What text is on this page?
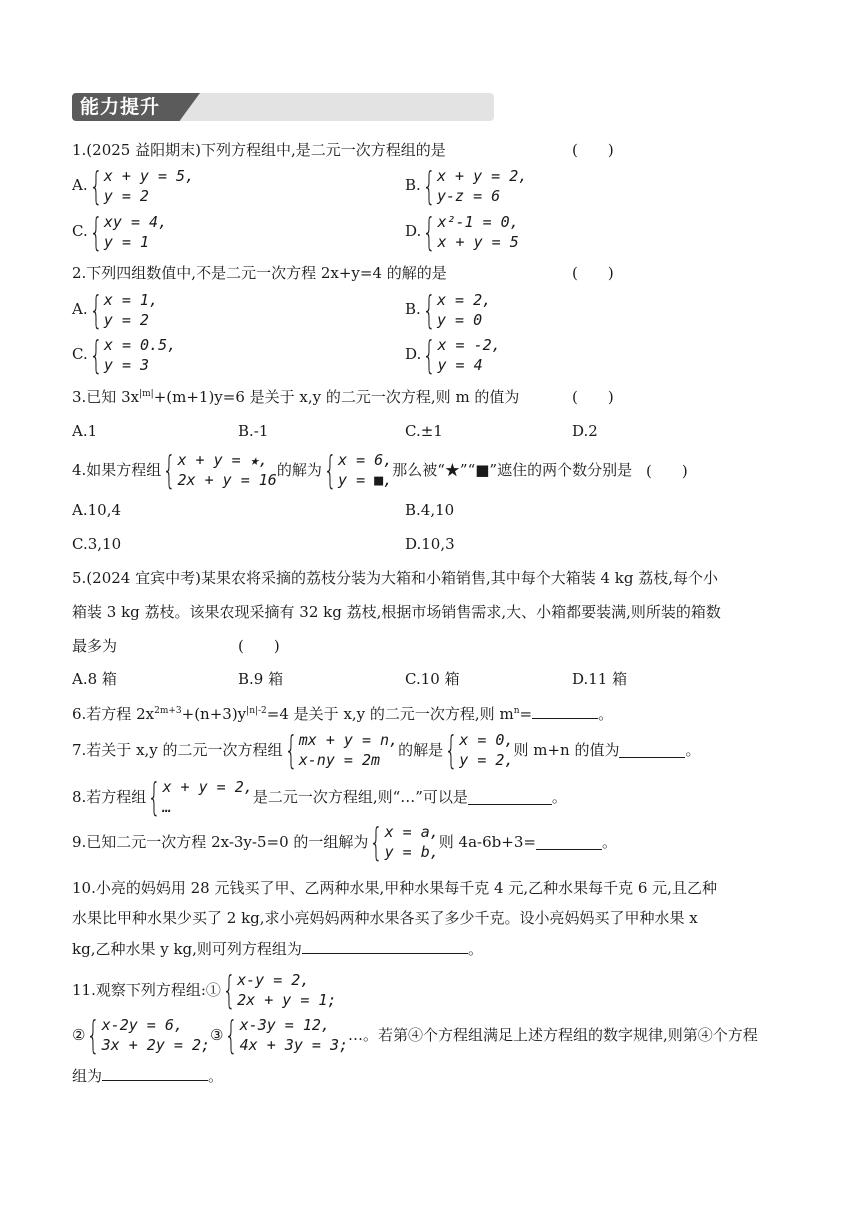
能力提升
1.(2025 益阳期末)下列方程组中,是二元一次方程组的是	(　　)
A. { x + y = 5,
y = 2
B. { x + y = 2,
y-z = 6
C. { xy = 4,
y = 1
D. { x²-1 = 0,
x + y = 5
2.下列四组数值中,不是二元一次方程 2x+y=4 的解的是	(　　)
A. { x = 1,
y = 2
B. { x = 2,
y = 0
C. { x = 0.5,
y = 3
D. { x = -2,
y = 4
3.已知 $3x^{|m|}+(m+1)y=6$ 是关于 x,y 的二元一次方程,则 m 的值为	(　　)
A.1	B.-1	C.±1	D.2
4.如果方程组 { x + y = ★,
2x + y = 16
的解为 { x = 6,
y = ■,
那么被“★”“■”遮住的两个数分别是 (　　)
A.10,4	B.4,10
C.3,10	D.10,3
5.(2024 宜宾中考)某果农将采摘的荔枝分装为大箱和小箱销售,其中每个大箱装 4 kg 荔枝,每个小
箱装 3 kg 荔枝。该果农现采摘有 32 kg 荔枝,根据市场销售需求,大、小箱都要装满,则所装的箱数
最多为	(　　)
A.8 箱	B.9 箱	C.10 箱	D.11 箱
6.若方程 $2x^{2m+3}+(n+3)y^{|n|-2}=4$ 是关于 x,y 的二元一次方程,则 $m^n=$	。
7.若关于 x,y 的二元一次方程组 { mx + y = n,
x-ny = 2m
的解是 { x = 0,
y = 2,
则 m+n 的值为	。
8.若方程组 { x + y = 2,
…
是二元一次方程组,则“…”可以是	。
9.已知二元一次方程 2x-3y-5=0 的一组解为 { x = a,
y = b,
则 4a-6b+3=	。
10.小亮的妈妈用 28 元钱买了甲、乙两种水果,甲种水果每千克 4 元,乙种水果每千克 6 元,且乙种
水果比甲种水果少买了 2 kg,求小亮妈妈两种水果各买了多少千克。设小亮妈妈买了甲种水果 x
kg,乙种水果 y kg,则可列方程组为	。
11.观察下列方程组:① { x-y = 2,
2x + y = 1;
② { x-2y = 6,
3x + 2y = 2;
③ { x-3y = 12,
4x + 3y = 3;
…。若第④个方程组满足上述方程组的数字规律,则第④个方程
组为	。
